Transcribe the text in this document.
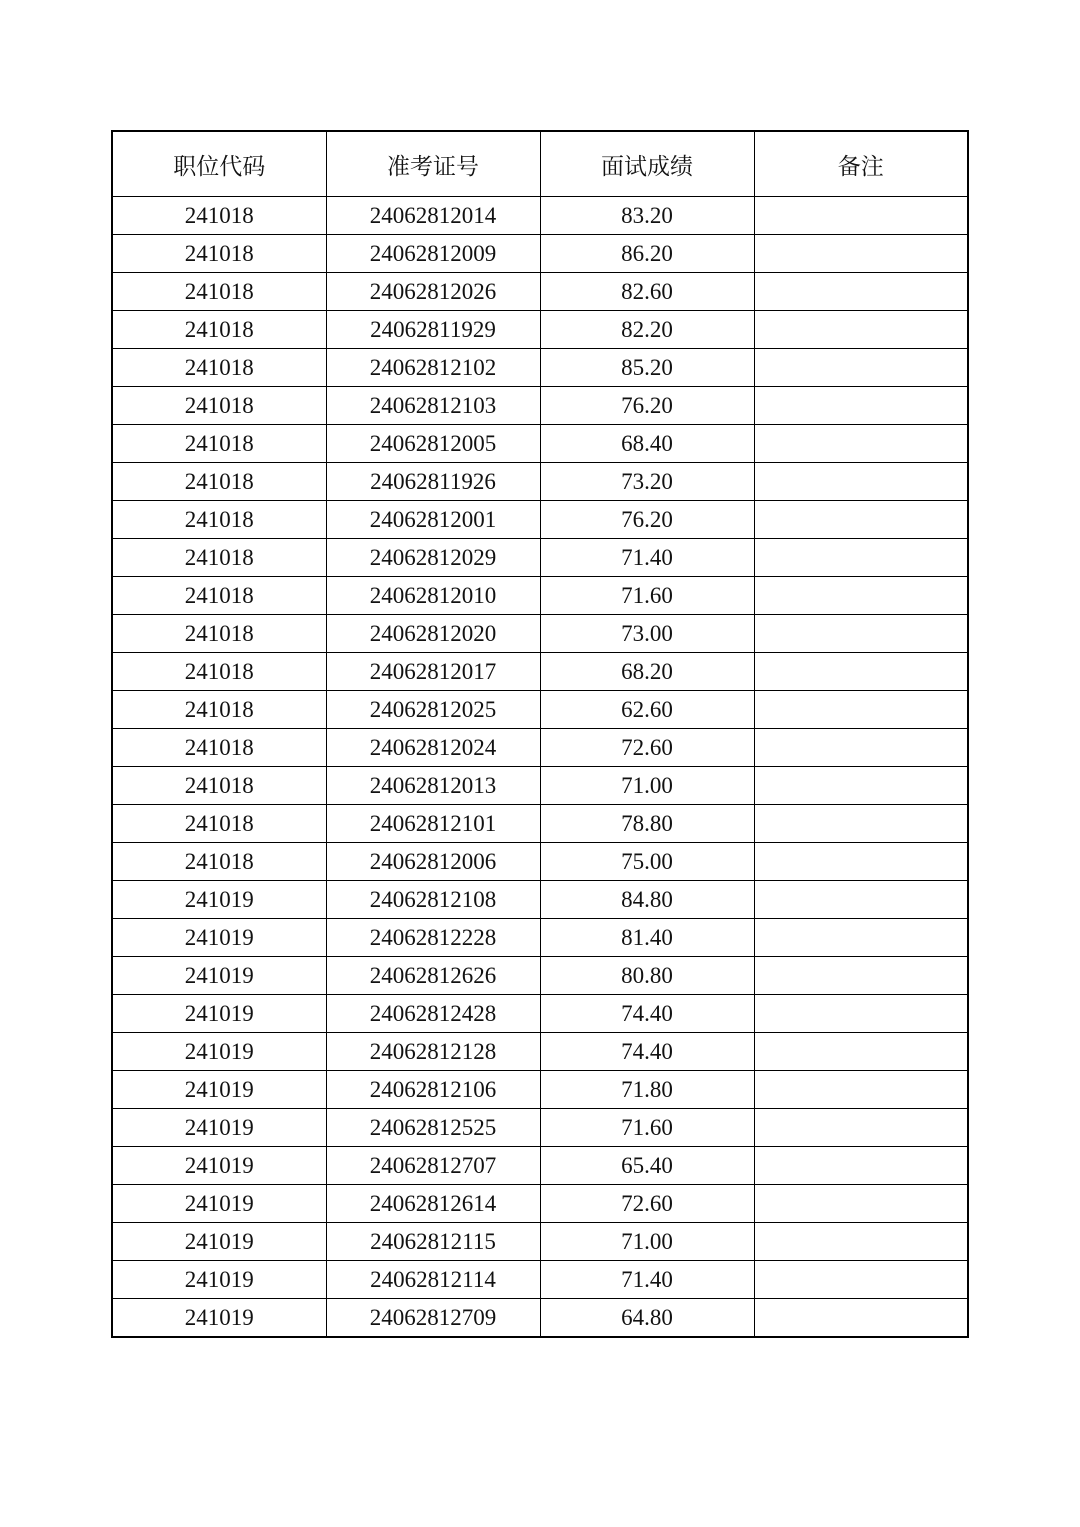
职位代码	准考证号	面试成绩	备注
241018	24062812014	83.20	
241018	24062812009	86.20	
241018	24062812026	82.60	
241018	24062811929	82.20	
241018	24062812102	85.20	
241018	24062812103	76.20	
241018	24062812005	68.40	
241018	24062811926	73.20	
241018	24062812001	76.20	
241018	24062812029	71.40	
241018	24062812010	71.60	
241018	24062812020	73.00	
241018	24062812017	68.20	
241018	24062812025	62.60	
241018	24062812024	72.60	
241018	24062812013	71.00	
241018	24062812101	78.80	
241018	24062812006	75.00	
241019	24062812108	84.80	
241019	24062812228	81.40	
241019	24062812626	80.80	
241019	24062812428	74.40	
241019	24062812128	74.40	
241019	24062812106	71.80	
241019	24062812525	71.60	
241019	24062812707	65.40	
241019	24062812614	72.60	
241019	24062812115	71.00	
241019	24062812114	71.40	
241019	24062812709	64.80	
